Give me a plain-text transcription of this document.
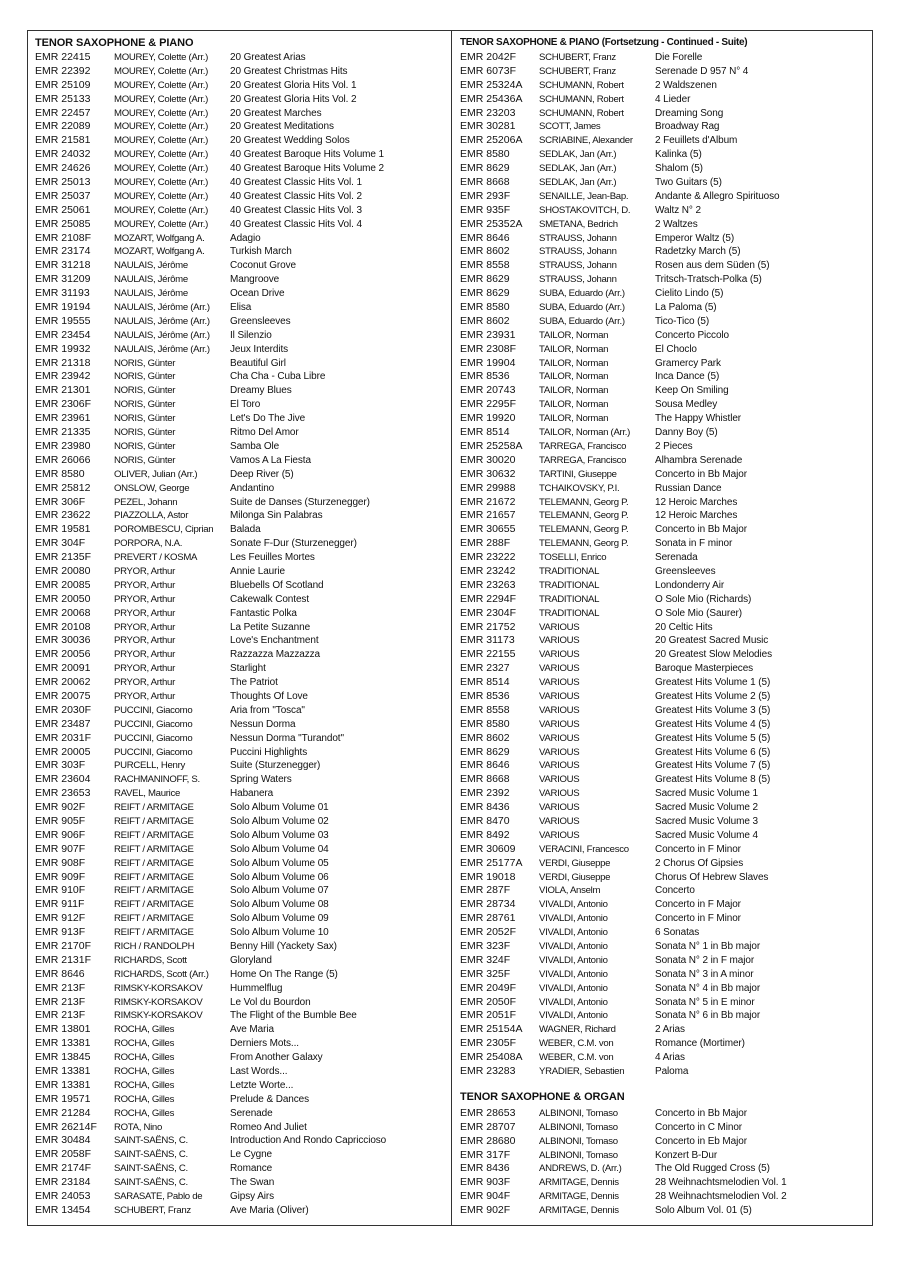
TENOR SAXOPHONE & PIANO
EMR 22415	MOUREY, Colette (Arr.)	20 Greatest Arias
EMR 22392	MOUREY, Colette (Arr.)	20 Greatest Christmas Hits
EMR 25109	MOUREY, Colette (Arr.)	20 Greatest Gloria Hits Vol. 1
EMR 25133	MOUREY, Colette (Arr.)	20 Greatest Gloria Hits Vol. 2
EMR 22457	MOUREY, Colette (Arr.)	20 Greatest Marches
EMR 22089	MOUREY, Colette (Arr.)	20 Greatest Meditations
EMR 21581	MOUREY, Colette (Arr.)	20 Greatest Wedding Solos
EMR 24032	MOUREY, Colette (Arr.)	40 Greatest Baroque Hits Volume 1
EMR 24626	MOUREY, Colette (Arr.)	40 Greatest Baroque Hits Volume 2
EMR 25013	MOUREY, Colette (Arr.)	40 Greatest Classic Hits Vol. 1
EMR 25037	MOUREY, Colette (Arr.)	40 Greatest Classic Hits Vol. 2
EMR 25061	MOUREY, Colette (Arr.)	40 Greatest Classic Hits Vol. 3
EMR 25085	MOUREY, Colette (Arr.)	40 Greatest Classic Hits Vol. 4
EMR 2108F	MOZART, Wolfgang A.	Adagio
EMR 23174	MOZART, Wolfgang A.	Turkish March
EMR 31218	NAULAIS, Jérôme	Coconut Grove
EMR 31209	NAULAIS, Jérôme	Mangroove
EMR 31193	NAULAIS, Jérôme	Ocean Drive
EMR 19194	NAULAIS, Jérôme (Arr.)	Elisa
EMR 19555	NAULAIS, Jérôme (Arr.)	Greensleeves
EMR 23454	NAULAIS, Jérôme (Arr.)	Il Silenzio
EMR 19932	NAULAIS, Jérôme (Arr.)	Jeux Interdits
EMR 21318	NORIS, Günter	Beautiful Girl
EMR 23942	NORIS, Günter	Cha Cha - Cuba Libre
EMR 21301	NORIS, Günter	Dreamy Blues
EMR 2306F	NORIS, Günter	El Toro
EMR 23961	NORIS, Günter	Let's Do The Jive
EMR 21335	NORIS, Günter	Ritmo Del Amor
EMR 23980	NORIS, Günter	Samba Ole
EMR 26066	NORIS, Günter	Vamos A La Fiesta
EMR 8580	OLIVER, Julian (Arr.)	Deep River (5)
EMR 25812	ONSLOW, George	Andantino
EMR 306F	PEZEL, Johann	Suite de Danses (Sturzenegger)
EMR 23622	PIAZZOLLA, Astor	Milonga Sin Palabras
EMR 19581	POROMBESCU, Ciprian	Balada
EMR 304F	PORPORA, N.A.	Sonate F-Dur (Sturzenegger)
EMR 2135F	PREVERT / KOSMA	Les Feuilles Mortes
EMR 20080	PRYOR, Arthur	Annie Laurie
EMR 20085	PRYOR, Arthur	Bluebells Of Scotland
EMR 20050	PRYOR, Arthur	Cakewalk Contest
EMR 20068	PRYOR, Arthur	Fantastic Polka
EMR 20108	PRYOR, Arthur	La Petite Suzanne
EMR 30036	PRYOR, Arthur	Love's Enchantment
EMR 20056	PRYOR, Arthur	Razzazza Mazzazza
EMR 20091	PRYOR, Arthur	Starlight
EMR 20062	PRYOR, Arthur	The Patriot
EMR 20075	PRYOR, Arthur	Thoughts Of Love
EMR 2030F	PUCCINI, Giacomo	Aria from "Tosca"
EMR 23487	PUCCINI, Giacomo	Nessun Dorma
EMR 2031F	PUCCINI, Giacomo	Nessun Dorma "Turandot"
EMR 20005	PUCCINI, Giacomo	Puccini Highlights
EMR 303F	PURCELL, Henry	Suite (Sturzenegger)
EMR 23604	RACHMANINOFF, S.	Spring Waters
EMR 23653	RAVEL, Maurice	Habanera
EMR 902F	REIFT / ARMITAGE	Solo Album Volume 01
EMR 905F	REIFT / ARMITAGE	Solo Album Volume 02
EMR 906F	REIFT / ARMITAGE	Solo Album Volume 03
EMR 907F	REIFT / ARMITAGE	Solo Album Volume 04
EMR 908F	REIFT / ARMITAGE	Solo Album Volume 05
EMR 909F	REIFT / ARMITAGE	Solo Album Volume 06
EMR 910F	REIFT / ARMITAGE	Solo Album Volume 07
EMR 911F	REIFT / ARMITAGE	Solo Album Volume 08
EMR 912F	REIFT / ARMITAGE	Solo Album Volume 09
EMR 913F	REIFT / ARMITAGE	Solo Album Volume 10
EMR 2170F	RICH / RANDOLPH	Benny Hill (Yackety Sax)
EMR 2131F	RICHARDS, Scott	Gloryland
EMR 8646	RICHARDS, Scott (Arr.)	Home On The Range (5)
EMR 213F	RIMSKY-KORSAKOV	Hummelflug
EMR 213F	RIMSKY-KORSAKOV	Le Vol du Bourdon
EMR 213F	RIMSKY-KORSAKOV	The Flight of the Bumble Bee
EMR 13801	ROCHA, Gilles	Ave Maria
EMR 13381	ROCHA, Gilles	Derniers Mots...
EMR 13845	ROCHA, Gilles	From Another Galaxy
EMR 13381	ROCHA, Gilles	Last Words...
EMR 13381	ROCHA, Gilles	Letzte Worte...
EMR 19571	ROCHA, Gilles	Prelude & Dances
EMR 21284	ROCHA, Gilles	Serenade
EMR 26214F	ROTA, Nino	Romeo And Juliet
EMR 30484	SAINT-SAËNS, C.	Introduction And Rondo Capriccioso
EMR 2058F	SAINT-SAËNS, C.	Le Cygne
EMR 2174F	SAINT-SAËNS, C.	Romance
EMR 23184	SAINT-SAËNS, C.	The Swan
EMR 24053	SARASATE, Pablo de	Gipsy Airs
EMR 13454	SCHUBERT, Franz	Ave Maria (Oliver)
TENOR SAXOPHONE & PIANO (Fortsetzung - Continued - Suite)
EMR 2042F	SCHUBERT, Franz	Die Forelle
EMR 6073F	SCHUBERT, Franz	Serenade D 957 N° 4
EMR 25324A	SCHUMANN, Robert	2 Waldszenen
EMR 25436A	SCHUMANN, Robert	4 Lieder
EMR 23203	SCHUMANN, Robert	Dreaming Song
EMR 30281	SCOTT, James	Broadway Rag
EMR 25206A	SCRIABINE, Alexander	2 Feuillets d'Album
EMR 8580	SEDLAK, Jan (Arr.)	Kalinka (5)
EMR 8629	SEDLAK, Jan (Arr.)	Shalom (5)
EMR 8668	SEDLAK, Jan (Arr.)	Two Guitars (5)
EMR 293F	SENAILLE, Jean-Bap.	Andante & Allegro Spirituoso
EMR 935F	SHOSTAKOVITCH, D.	Waltz N° 2
EMR 25352A	SMETANA, Bedrich	2 Waltzes
EMR 8646	STRAUSS, Johann	Emperor Waltz (5)
EMR 8602	STRAUSS, Johann	Radetzky March (5)
EMR 8558	STRAUSS, Johann	Rosen aus dem Süden (5)
EMR 8629	STRAUSS, Johann	Tritsch-Tratsch-Polka (5)
EMR 8629	SUBA, Eduardo (Arr.)	Cielito Lindo (5)
EMR 8580	SUBA, Eduardo (Arr.)	La Paloma (5)
EMR 8602	SUBA, Eduardo (Arr.)	Tico-Tico (5)
EMR 23931	TAILOR, Norman	Concerto Piccolo
EMR 2308F	TAILOR, Norman	El Choclo
EMR 19904	TAILOR, Norman	Gramercy Park
EMR 8536	TAILOR, Norman	Inca Dance (5)
EMR 20743	TAILOR, Norman	Keep On Smiling
EMR 2295F	TAILOR, Norman	Sousa Medley
EMR 19920	TAILOR, Norman	The Happy Whistler
EMR 8514	TAILOR, Norman (Arr.)	Danny Boy (5)
EMR 25258A	TARREGA, Francisco	2 Pieces
EMR 30020	TARREGA, Francisco	Alhambra Serenade
EMR 30632	TARTINI, Giuseppe	Concerto in Bb Major
EMR 29988	TCHAIKOVSKY, P.I.	Russian Dance
EMR 21672	TELEMANN, Georg P.	12 Heroic Marches
EMR 21657	TELEMANN, Georg P.	12 Heroic Marches
EMR 30655	TELEMANN, Georg P.	Concerto in Bb Major
EMR 288F	TELEMANN, Georg P.	Sonata in F minor
EMR 23222	TOSELLI, Enrico	Serenada
EMR 23242	TRADITIONAL	Greensleeves
EMR 23263	TRADITIONAL	Londonderry Air
EMR 2294F	TRADITIONAL	O Sole Mio (Richards)
EMR 2304F	TRADITIONAL	O Sole Mio (Saurer)
EMR 21752	VARIOUS	20 Celtic Hits
EMR 31173	VARIOUS	20 Greatest Sacred Music
EMR 22155	VARIOUS	20 Greatest Slow Melodies
EMR 2327	VARIOUS	Baroque Masterpieces
EMR 8514	VARIOUS	Greatest Hits Volume 1 (5)
EMR 8536	VARIOUS	Greatest Hits Volume 2 (5)
EMR 8558	VARIOUS	Greatest Hits Volume 3 (5)
EMR 8580	VARIOUS	Greatest Hits Volume 4 (5)
EMR 8602	VARIOUS	Greatest Hits Volume 5 (5)
EMR 8629	VARIOUS	Greatest Hits Volume 6 (5)
EMR 8646	VARIOUS	Greatest Hits Volume 7 (5)
EMR 8668	VARIOUS	Greatest Hits Volume 8 (5)
EMR 2392	VARIOUS	Sacred Music Volume 1
EMR 8436	VARIOUS	Sacred Music Volume 2
EMR 8470	VARIOUS	Sacred Music Volume 3
EMR 8492	VARIOUS	Sacred Music Volume 4
EMR 30609	VERACINI, Francesco	Concerto in F Minor
EMR 25177A	VERDI, Giuseppe	2 Chorus Of Gipsies
EMR 19018	VERDI, Giuseppe	Chorus Of Hebrew Slaves
EMR 287F	VIOLA, Anselm	Concerto
EMR 28734	VIVALDI, Antonio	Concerto in F Major
EMR 28761	VIVALDI, Antonio	Concerto in F Minor
EMR 2052F	VIVALDI, Antonio	6 Sonatas
EMR 323F	VIVALDI, Antonio	Sonata N° 1 in Bb major
EMR 324F	VIVALDI, Antonio	Sonata N° 2 in F major
EMR 325F	VIVALDI, Antonio	Sonata N° 3 in A minor
EMR 2049F	VIVALDI, Antonio	Sonata N° 4 in Bb major
EMR 2050F	VIVALDI, Antonio	Sonata N° 5 in E minor
EMR 2051F	VIVALDI, Antonio	Sonata N° 6 in Bb major
EMR 25154A	WAGNER, Richard	2 Arias
EMR 2305F	WEBER, C.M. von	Romance (Mortimer)
EMR 25408A	WEBER, C.M. von	4 Arias
EMR 23283	YRADIER, Sebastien	Paloma
TENOR SAXOPHONE & ORGAN
EMR 28653	ALBINONI, Tomaso	Concerto in Bb Major
EMR 28707	ALBINONI, Tomaso	Concerto in C Minor
EMR 28680	ALBINONI, Tomaso	Concerto in Eb Major
EMR 317F	ALBINONI, Tomaso	Konzert B-Dur
EMR 8436	ANDREWS, D. (Arr.)	The Old Rugged Cross (5)
EMR 903F	ARMITAGE, Dennis	28 Weihnachtsmelodien Vol. 1
EMR 904F	ARMITAGE, Dennis	28 Weihnachtsmelodien Vol. 2
EMR 902F	ARMITAGE, Dennis	Solo Album Vol. 01 (5)
